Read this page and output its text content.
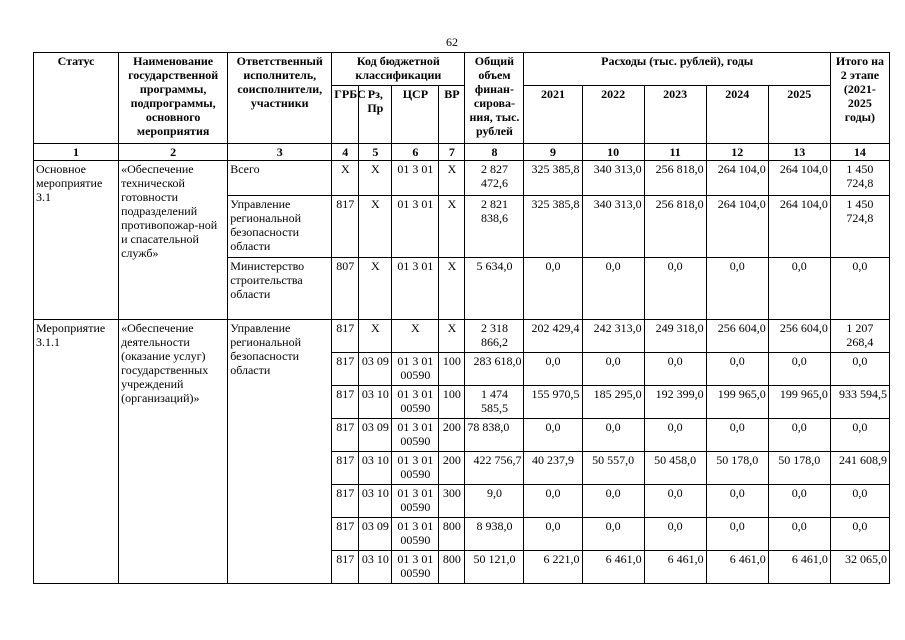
62
Статус	Наименование государственной программы, подпрограммы, основного мероприятия	Ответственный исполнитель, соисполнители, участники	Код бюджетной классификации				Общий объем финан-сирова-ния, тыс. рублей	Расходы (тыс. рублей), годы					Итого на 2 этапе (2021-2025 годы)
			ГРБС	Рз, Пр	ЦСР	ВР		2021	2022	2023	2024	2025	
1	2	3	4	5	6	7	8	9	10	11	12	13	14
Основное мероприятие 3.1	«Обеспечение технической готовности подразделений противопожар-ной и спасательной служб»	Всего	Х	Х	01 3 01	Х	2 827 472,6	325 385,8	340 313,0	256 818,0	264 104,0	264 104,0	1 450 724,8
		Управление региональной безопасности области	817	Х	01 3 01	Х	2 821 838,6	325 385,8	340 313,0	256 818,0	264 104,0	264 104,0	1 450 724,8
		Министерство строительства области	807	Х	01 3 01	Х	5 634,0	0,0	0,0	0,0	0,0	0,0	0,0
Мероприятие 3.1.1	«Обеспечение деятельности (оказание услуг) государственных учреждений (организаций)»	Управление региональной безопасности области	817	Х	Х	Х	2 318 866,2	202 429,4	242 313,0	249 318,0	256 604,0	256 604,0	1 207 268,4
			817	03 09	01 3 01 00590	100	283 618,0	0,0	0,0	0,0	0,0	0,0	0,0
			817	03 10	01 3 01 00590	100	1 474 585,5	155 970,5	185 295,0	192 399,0	199 965,0	199 965,0	933 594,5
			817	03 09	01 3 01 00590	200	78 838,0	0,0	0,0	0,0	0,0	0,0	0,0
			817	03 10	01 3 01 00590	200	422 756,7	40 237,9	50 557,0	50 458,0	50 178,0	50 178,0	241 608,9
			817	03 10	01 3 01 00590	300	9,0	0,0	0,0	0,0	0,0	0,0	0,0
			817	03 09	01 3 01 00590	800	8 938,0	0,0	0,0	0,0	0,0	0,0	0,0
			817	03 10	01 3 01 00590	800	50 121,0	6 221,0	6 461,0	6 461,0	6 461,0	6 461,0	32 065,0
